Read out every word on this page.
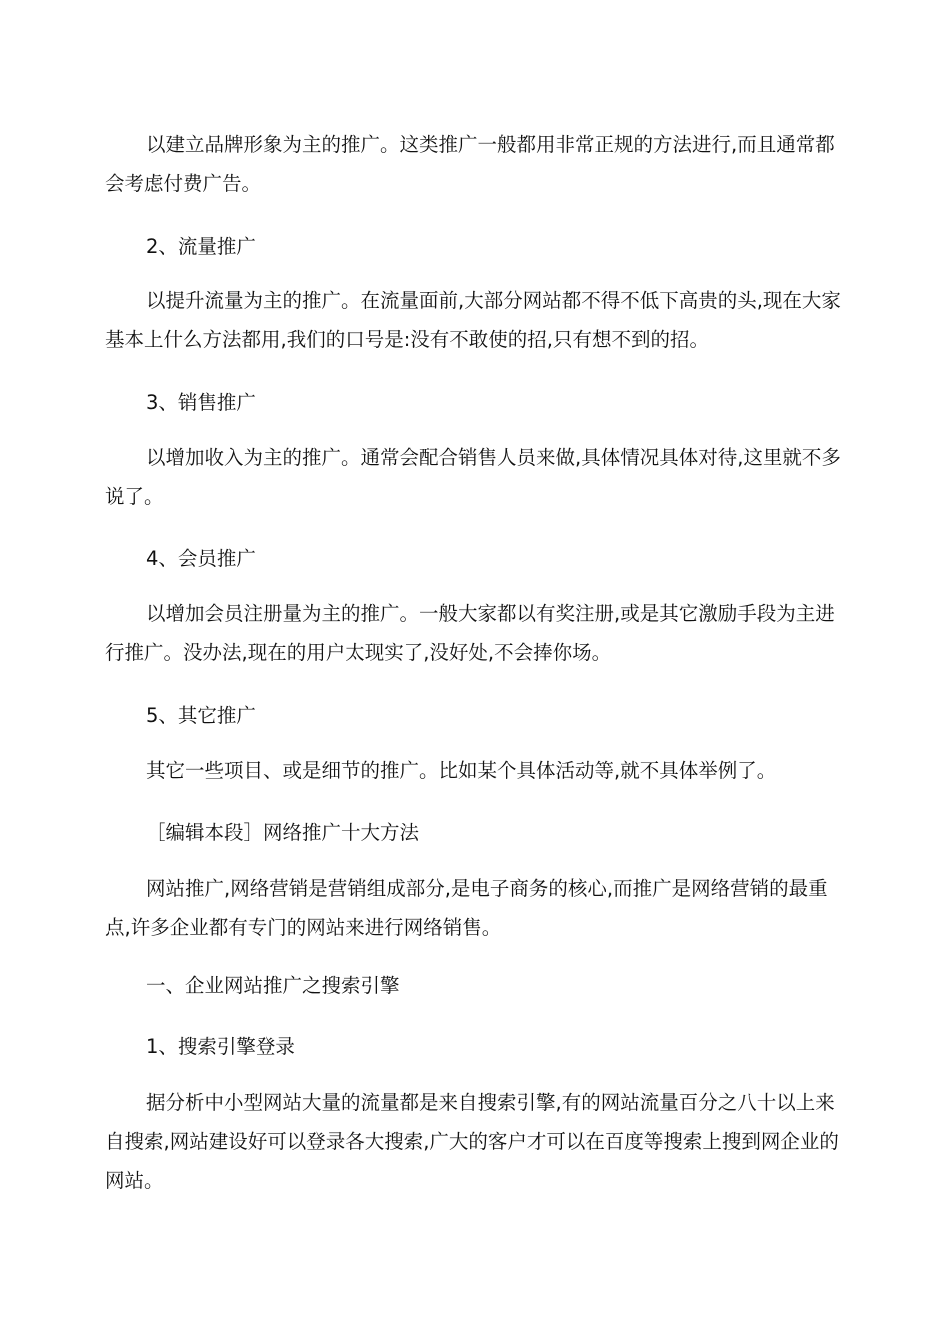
以建立品牌形象为主的推广。这类推广一般都用非常正规的方法进行,而且通常都会考虑付费广告。

2、流量推广

以提升流量为主的推广。在流量面前,大部分网站都不得不低下高贵的头,现在大家基本上什么方法都用,我们的口号是:没有不敢使的招,只有想不到的招。

3、销售推广

以增加收入为主的推广。通常会配合销售人员来做,具体情况具体对待,这里就不多说了。

4、会员推广

以增加会员注册量为主的推广。一般大家都以有奖注册,或是其它激励手段为主进行推广。没办法,现在的用户太现实了,没好处,不会捧你场。

5、其它推广

其它一些项目、或是细节的推广。比如某个具体活动等,就不具体举例了。

［编辑本段］网络推广十大方法

网站推广,网络营销是营销组成部分,是电子商务的核心,而推广是网络营销的最重点,许多企业都有专门的网站来进行网络销售。

一、企业网站推广之搜索引擎

1、搜索引擎登录

据分析中小型网站大量的流量都是来自搜索引擎,有的网站流量百分之八十以上来自搜索,网站建设好可以登录各大搜索,广大的客户才可以在百度等搜索上搜到网企业的网站。
